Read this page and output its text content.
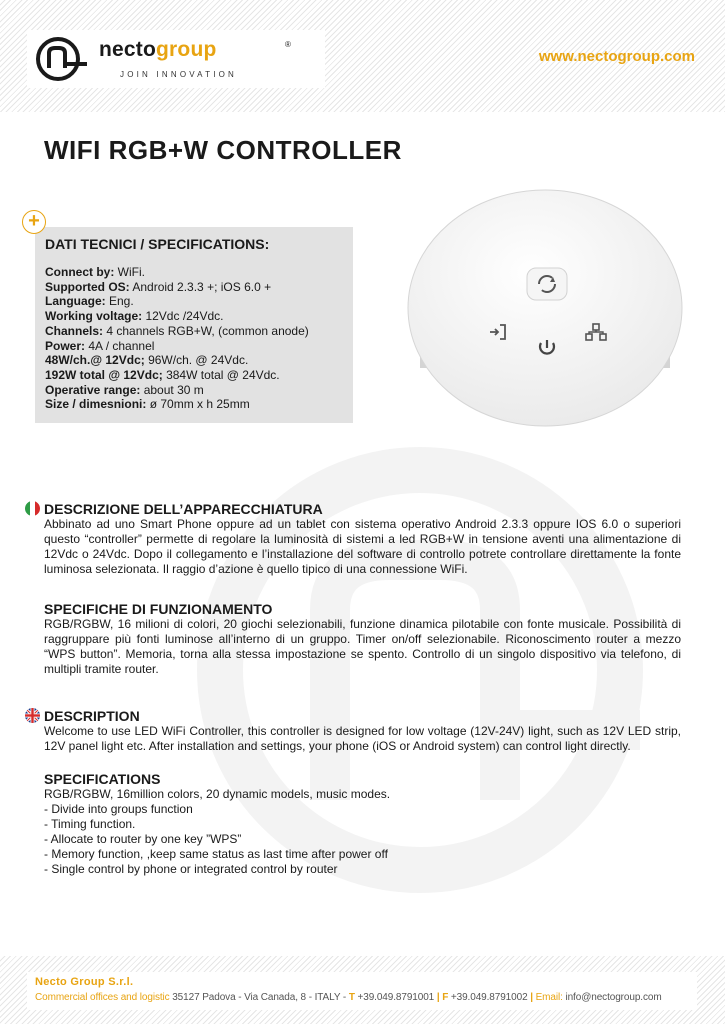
nectogroup	®
JOIN INNOVATION
www.nectogroup.com
WIFI RGB+W CONTROLLER
DATI TECNICI / SPECIFICATIONS:
Connect by: WiFi.
Supported OS: Android 2.3.3 +; iOS 6.0 +
Language: Eng.
Working voltage: 12Vdc /24Vdc.
Channels: 4 channels RGB+W, (common anode)
Power: 4A / channel
48W/ch.@ 12Vdc; 96W/ch. @ 24Vdc.
192W total @ 12Vdc; 384W total @ 24Vdc.
Operative range: about 30 m
Size / dimesnioni: ø 70mm x h 25mm
+
DESCRIZIONE DELL’APPARECCHIATURA

Abbinato ad uno Smart Phone oppure ad un tablet con sistema operativo Android 2.3.3 oppure IOS 6.0 o superiori questo “controller” permette di regolare la luminosità di sistemi a led RGB+W in tensione aventi una alimentazione di 12Vdc o 24Vdc. Dopo il collegamento e l’installazione del software di controllo potrete controllare direttamente la fonte luminosa selezionata. Il raggio d’azione è quello tipico di una connessione WiFi.

SPECIFICHE DI FUNZIONAMENTO

RGB/RGBW, 16 milioni di colori, 20 giochi selezionabili, funzione dinamica pilotabile con fonte musicale. Possibilità di raggruppare più fonti luminose all’interno di un gruppo. Timer on/off selezionabile. Riconoscimento router a mezzo “WPS button”. Memoria, torna alla stessa impostazione se spento. Controllo di un singolo dispositivo via telefono, di multipli tramite router.

DESCRIPTION

Welcome to use LED WiFi Controller, this controller is designed for low voltage (12V-24V) light, such as 12V LED strip, 12V panel light etc. After installation and settings, your phone (iOS or Android system) can control light directly.

SPECIFICATIONS

RGB/RGBW, 16million colors, 20 dynamic models, music modes.

- Divide into groups function
- Timing function.
- Allocate to router by one key ”WPS”
- Memory function, ,keep same status as last time after power off
- Single control by phone or integrated control by router
Necto Group S.r.l.
Commercial offices and logistic 35127 Padova - Via Canada, 8 - ITALY - T +39.049.8791001 | F +39.049.8791002 | Email: info@nectogroup.com
